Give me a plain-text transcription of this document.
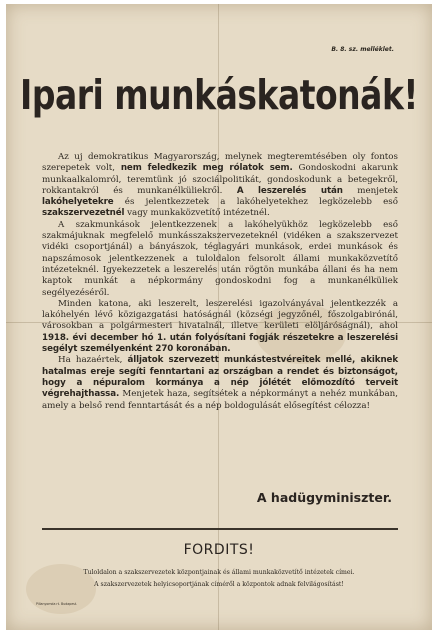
B. 8. sz. melléklet.
Ipari munkáskatonák!

Az uj demokratikus Magyarország, melynek megteremtésében oly fontos szerepetek volt, nem feledkezik meg rólatok sem. Gondoskodni akarunk munkaalkalomról, teremtünk jó szociálpolitikát, gondoskodunk a betegekről, rokkantakról és munkanélküliekről. A leszerelés után menjetek lakóhelyetekre és jelentkezzetek a lakóhelyetekhez legközelebb eső szakszervezetnél vagy munkaközvetítő intézetnél.

A szakmunkások jelentkezzenek a lakóhelyükhöz legközelebb eső szakmájuknak megfelelő munkásszakszervezeteknél (vidéken a szakszervezet vidéki csoportjánál) a bányászok, téglagyári munkások, erdei munkások és napszámosok jelentkezzenek a tuloldalon felsorolt állami munkaközvetítő intézeteknél. Igyekezzetek a leszerelés után rögtön munkába állani és ha nem kaptok munkát a népkormány gondoskodni fog a munkanélküliek segélyezéséről.

Minden katona, aki leszerelt, leszerelési igazolványával jelentkezzék a lakóhelyén lévő közigazgatási hatóságnál (községi jegyzőnél, főszolgabirónál, városokban a polgármesteri hivatalnál, illetve kerületi elöljáróságnál), ahol 1918. évi december hó 1. után folyósítani fogják részetekre a leszerelési segélyt személyenként 270 koronában.

Ha hazaértek, álljatok szervezett munkástestvéreitek mellé, akiknek hatalmas ereje segíti fenntartani az országban a rendet és biztonságot, hogy a népuralom kormánya a nép jólétét előmozdító terveit végrehajthassa. Menjetek haza, segítsétek a népkormányt a nehéz munkában, amely a belső rend fenntartását és a nép boldogulását elősegítést célozza!

A hadügyminiszter.
FORDITS!
Tuloldalon a szakszervezetek központjainak és állami munkaközvetítő intézetek címei.
A szakszervezetek helyicsoportjának címéről a központok adnak felvilágosítást!
Pillanyomda rt. Budapest.
